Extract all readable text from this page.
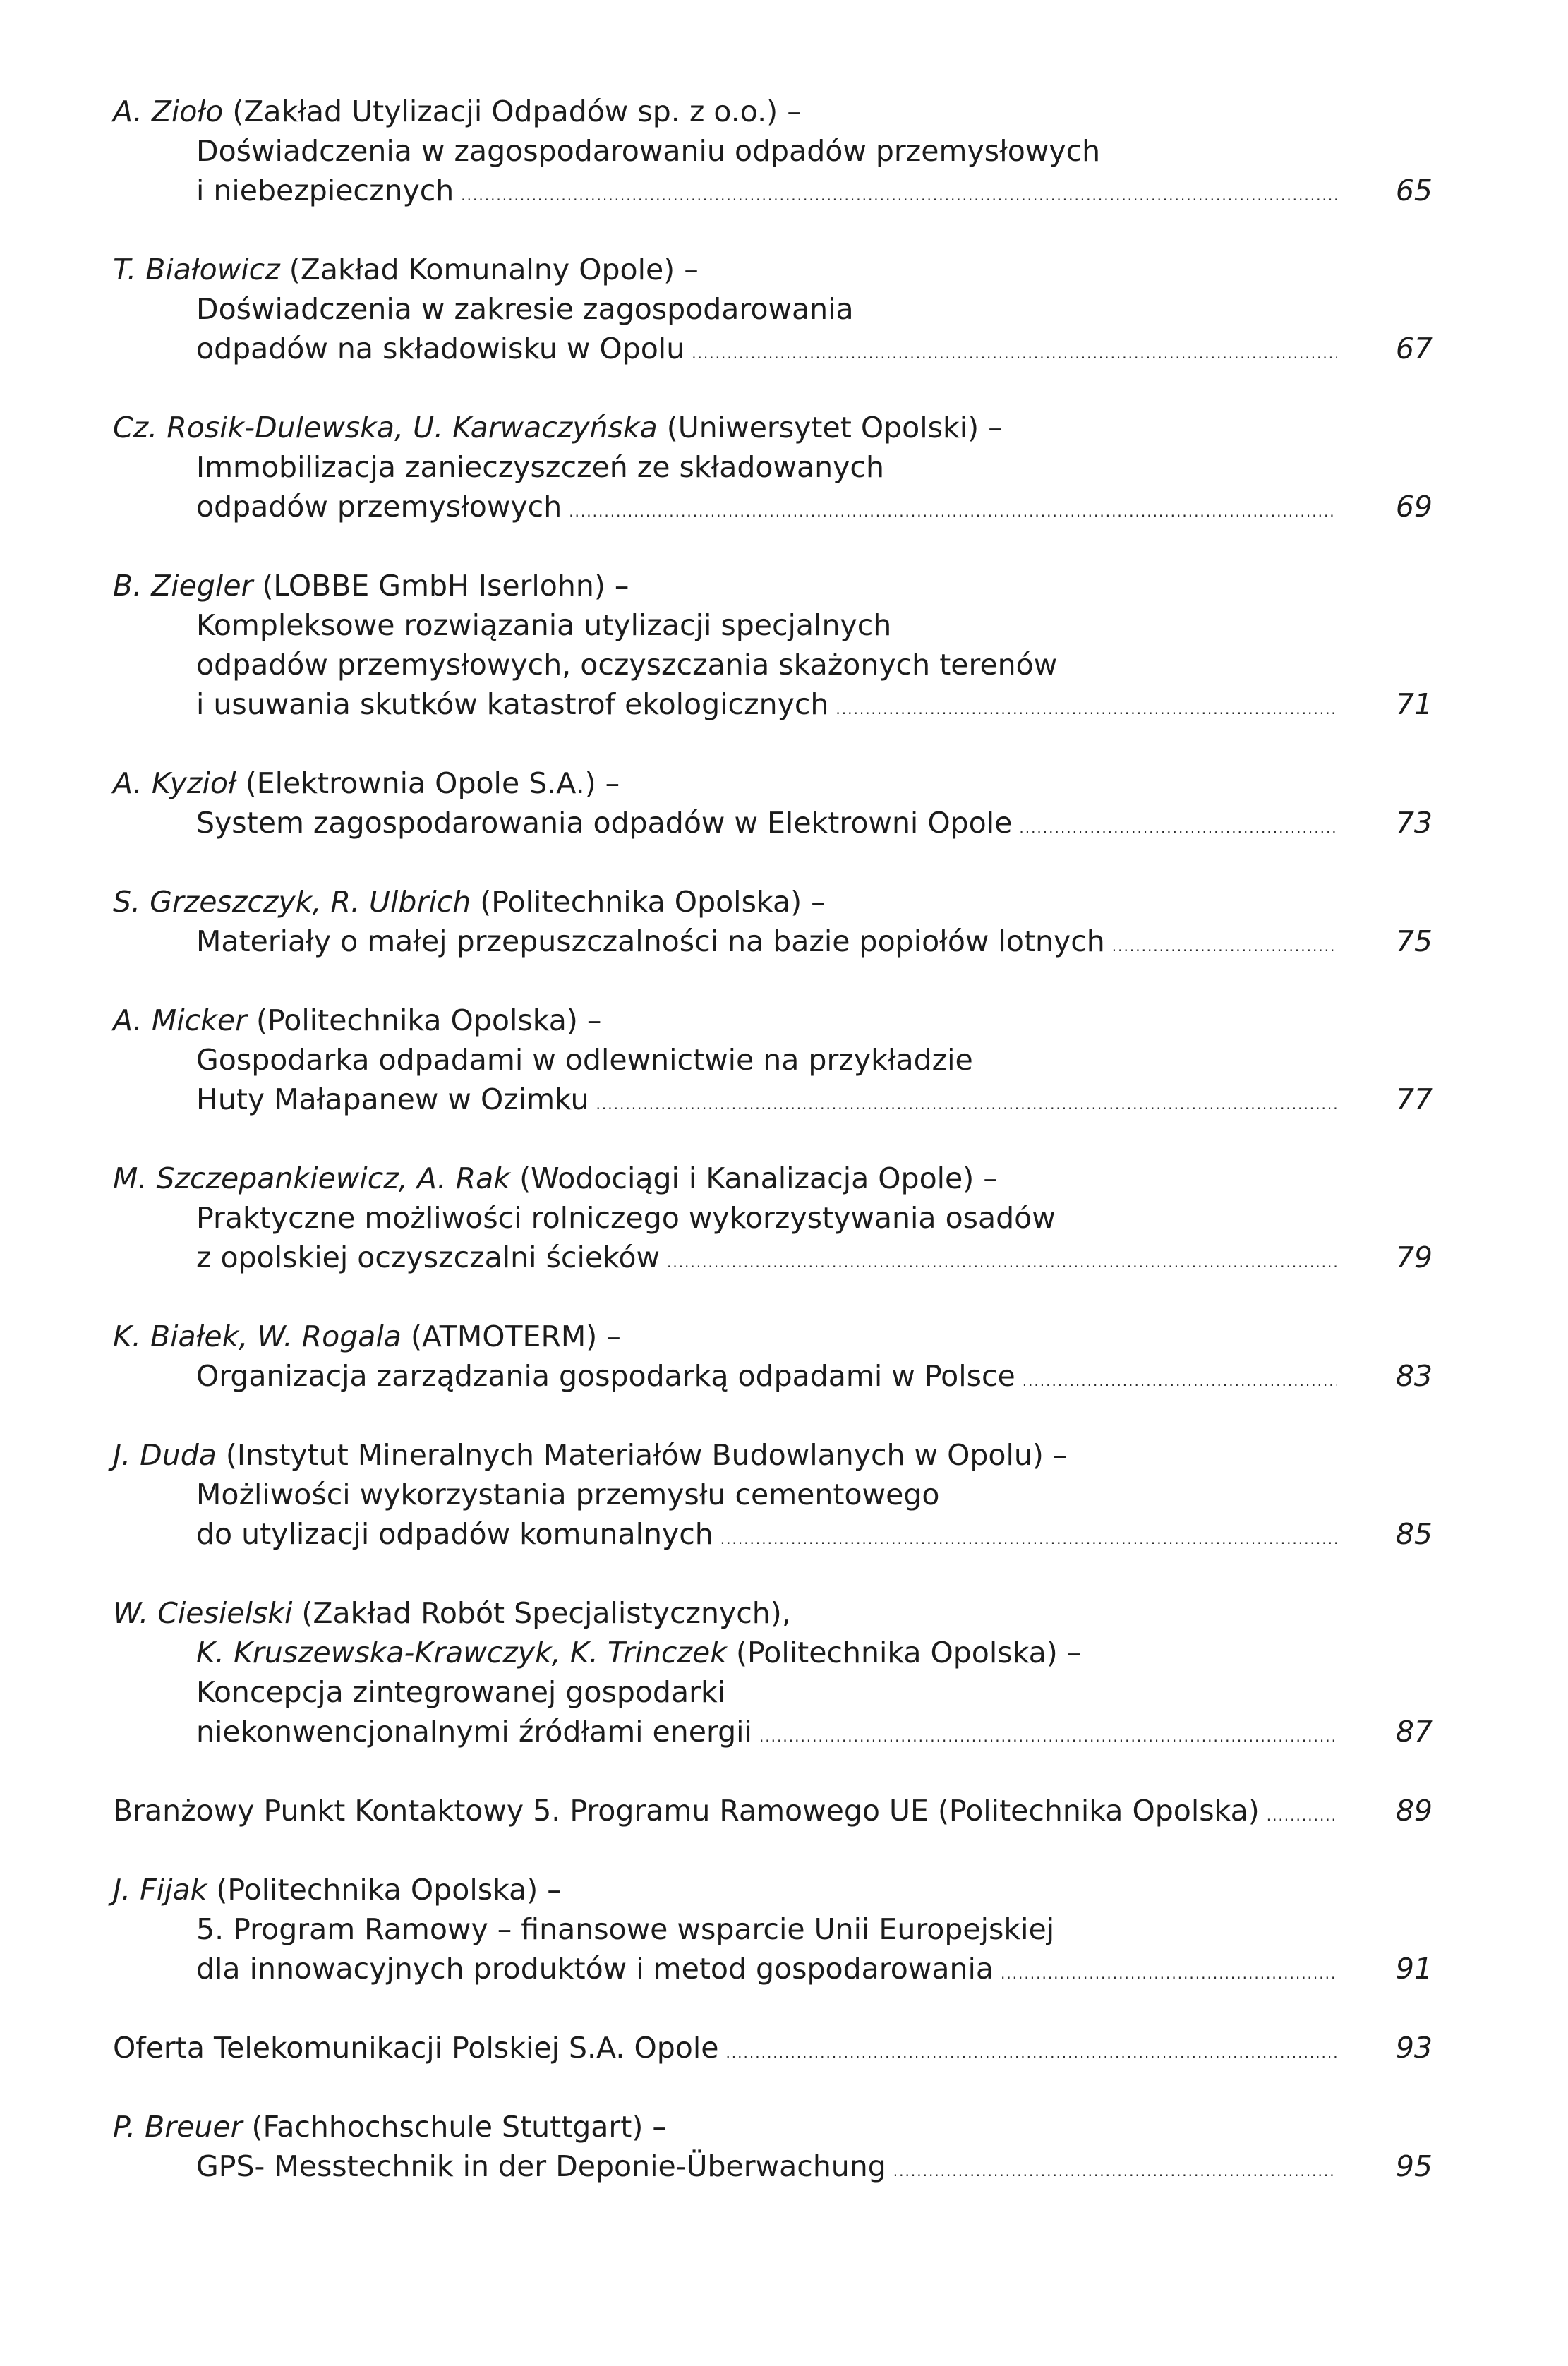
A. Zioło (Zakład Utylizacji Odpadów sp. z o.o.) –
Doświadczenia w zagospodarowaniu odpadów przemysłowych
i niebezpiecznych .....	65
T. Białowicz (Zakład Komunalny Opole) –
Doświadczenia w zakresie zagospodarowania
odpadów na składowisku w Opolu .....	67
Cz. Rosik-Dulewska, U. Karwaczyńska (Uniwersytet Opolski) –
Immobilizacja zanieczyszczeń ze składowanych
odpadów przemysłowych .....	69
B. Ziegler (LOBBE GmbH Iserlohn) –
Kompleksowe rozwiązania utylizacji specjalnych
odpadów przemysłowych, oczyszczania skażonych terenów
i usuwania skutków katastrof ekologicznych .....	71
A. Kyzioł (Elektrownia Opole S.A.) –
System zagospodarowania odpadów w Elektrowni Opole .....	73
S. Grzeszczyk, R. Ulbrich (Politechnika Opolska) –
Materiały o małej przepuszczalności na bazie popiołów lotnych .....	75
A. Micker (Politechnika Opolska) –
Gospodarka odpadami w odlewnictwie na przykładzie
Huty Małapanew w Ozimku .....	77
M. Szczepankiewicz, A. Rak (Wodociągi i Kanalizacja Opole) –
Praktyczne możliwości rolniczego wykorzystywania osadów
z opolskiej oczyszczalni ścieków .....	79
K. Białek, W. Rogala (ATMOTERM) –
Organizacja zarządzania gospodarką odpadami w Polsce .....	83
J. Duda (Instytut Mineralnych Materiałów Budowlanych w Opolu) –
Możliwości wykorzystania przemysłu cementowego
do utylizacji odpadów komunalnych .....	85
W. Ciesielski (Zakład Robót Specjalistycznych),
K. Kruszewska-Krawczyk, K. Trinczek (Politechnika Opolska) –
Koncepcja zintegrowanej gospodarki
niekonwencjonalnymi źródłami energii .....	87
Branżowy Punkt Kontaktowy 5. Programu Ramowego UE (Politechnika Opolska) .....	89
J. Fijak (Politechnika Opolska) –
5. Program Ramowy – finansowe wsparcie Unii Europejskiej
dla innowacyjnych produktów i metod gospodarowania .....	91
Oferta Telekomunikacji Polskiej S.A. Opole .....	93
P. Breuer (Fachhochschule Stuttgart) –
GPS- Messtechnik in der Deponie-Überwachung .....	95
